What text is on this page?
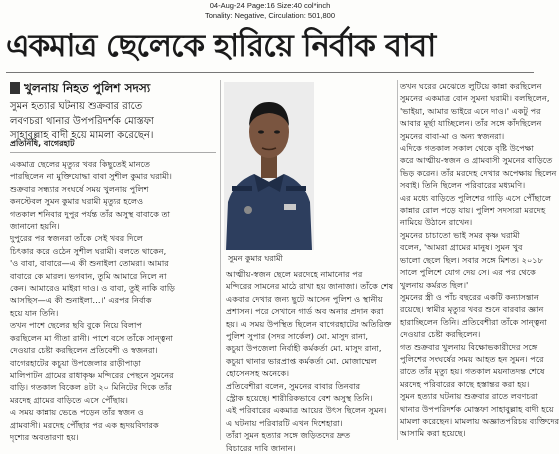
04-Aug-24 Page:16 Size:40 col*inch
Tonality: Negative, Circulation: 501,800
একমাত্র ছেলেকে হারিয়ে নির্বাক বাবা
খুলনায় নিহত পুলিশ সদস্য
সুমন হত্যার ঘটনায় শুক্রবার রাতে
লবণচরা থানার উপপরিদর্শক মোস্তফা
সাহাবুল্লাহ বাদী হয়ে মামলা করেছেন।
প্রতিনিধি, বাগেরহাট
সুমন কুমার ঘরামী
একমাত্র ছেলের মৃত্যুর খবর কিছুতেই মানতে
পারছিলেন না মুক্তিযোদ্ধা বাবা সুশীল কুমার ঘরামী।
শুক্রবার সন্ধ্যার সংঘর্ষে সময় খুলনায় পুলিশ
কনস্টেবল সুমন কুমার ঘরামী মৃত্যুর হলেও
গতকাল শনিবার দুপুর পর্যন্ত তাঁর অসুস্থ বাবাকে তা
জানানো হয়নি।
দুপুরের পর স্বজনরা তাঁকে সেই খবর দিলে
চিৎকার করে ওঠেন সুশীল ঘরামী। বলতে থাকেন,
'ও বাবা, বাবারে—এ কী শুনাইলা তোমরা। আমার
বাবারে কে মারল। ভগবান, তুমি আমারে নিলে না
কেন। আমারেও মাইরা দাও। ও বাবা, তুই নাকি বাড়ি
আসছিস—এ কী শুনাইলা…।' এরপর নির্বাক
হয়ে যান তিনি।
তখন পাশে ছেলের ছবি বুকে নিয়ে বিলাপ
করছিলেন মা গীতা রানী। পাশে বসে তাঁকে সান্ত্বনা
দেওয়ার চেষ্টা করছিলেন প্রতিবেশী ও স্বজনরা।
বাগেরহাটের কচুয়া উপজেলার রাড়ীপাড়া
মালিপাটন গ্রামের রাধাকৃষ্ণ মন্দিরের পেছনে সুমনের
বাড়ি। গতকাল বিকেল ৪টা ২০ মিনিটের দিকে তাঁর
মরদেহ গ্রামের বাড়িতে এসে পৌঁছায়।
এ সময় কান্নায় ভেঙে পড়েন তাঁর স্বজন ও
গ্রামবাসী। মরদেহ পৌঁছার পর এক হৃদয়বিদারক
দৃশ্যের অবতারণা হয়।
আত্মীয়-স্বজন ছেলে মরদেহে নামানোর পর
মন্দিরের সামনের মাঠে রাখা হয় জানাজা। তাঁকে শেষ
একবার দেখার জন্য ছুটে আসেন পুলিশ ও স্থানীয়
প্রশাসন। পরে সেখানে গার্ড অব অনার প্রদান করা
হয়। এ সময় উপস্থিত ছিলেন বাগেরহাটের অতিরিক্ত
পুলিশ সুপার (সদর সার্কেল) মো. মাসুদ রানা,
কচুয়া উপজেলা নির্বাহী কর্মকর্তা মো. মাসুদ রানা,
কচুয়া থানার ভারপ্রাপ্ত কর্মকর্তা মো. মোজাম্মেল
হোসেনসহ অনেকে।
প্রতিবেশীরা বলেন, সুমনের বাবার তিনবার
স্ট্রোক হয়েছে। শারীরিকভাবে বেশ অসুস্থ তিনি।
এই পরিবারের একমাত্র আয়ের উৎস ছিলেন সুমন।
এ ঘটনায় পরিবারটি এখন দিশেহারা।
তাঁরা সুমন হত্যার সঙ্গে জড়িতদের দ্রুত
বিচারের দাবি জানান।
তখন ঘরের মেঝেতে লুটিয়ে কান্না করছিলেন
সুমনের একমাত্র বোন সুমনা ঘরামী। বলছিলেন,
'ভাইয়া, আমার ভাইরে এনে দাও।' একটু পর
আবার মূর্ছা যাচ্ছিলেন। তাঁর সঙ্গে কাঁদছিলেন
সুমনের বাবা-মা ও অন্য স্বজনরা।
এদিকে গতকাল সকাল থেকে বৃষ্টি উপেক্ষা
করে আত্মীয়-স্বজন ও গ্রামবাসী সুমনের বাড়িতে
ভিড় করেন। তাঁর মরদেহ দেখার অপেক্ষায় ছিলেন
সবাই। তিনি ছিলেন পরিবারের মধ্যমণি।
এর মধ্যে বাড়িতে পুলিশের গাড়ি এসে পৌঁছালে
কান্নার রোল পড়ে যায়। পুলিশ সদস্যরা মরদেহ
নামিয়ে উঠানে রাখেন।
সুমনের চাচাতো ভাই সমর কৃষ্ণ ঘরামী
বলেন, 'আমরা গ্রামের মানুষ। সুমন খুব
ভালো ছেলে ছিল। সবার সঙ্গে মিশত। ২০১৮
সালে পুলিশে যোগ দেয় সে। এর পর থেকে
খুলনায় কর্মরত ছিল।'
সুমনের স্ত্রী ও পাঁচ বছরের একটি কন্যাসন্তান
রয়েছে। স্বামীর মৃত্যুর খবর শুনে বারবার জ্ঞান
হারাচ্ছিলেন তিনি। প্রতিবেশীরা তাঁকে সান্ত্বনা
দেওয়ার চেষ্টা করছিলেন।
গত শুক্রবার খুলনায় বিক্ষোভকারীদের সঙ্গে
পুলিশের সংঘর্ষের সময় আহত হন সুমন। পরে
রাতে তাঁর মৃত্যু হয়। গতকাল ময়নাতদন্ত শেষে
মরদেহ পরিবারের কাছে হস্তান্তর করা হয়।
সুমন হত্যার ঘটনায় শুক্রবার রাতে লবণচরা
থানার উপপরিদর্শক মোস্তফা সাহাবুল্লাহ বাদী হয়ে
মামলা করেছেন। মামলায় অজ্ঞাতপরিচয় ব্যক্তিদের
আসামি করা হয়েছে।
